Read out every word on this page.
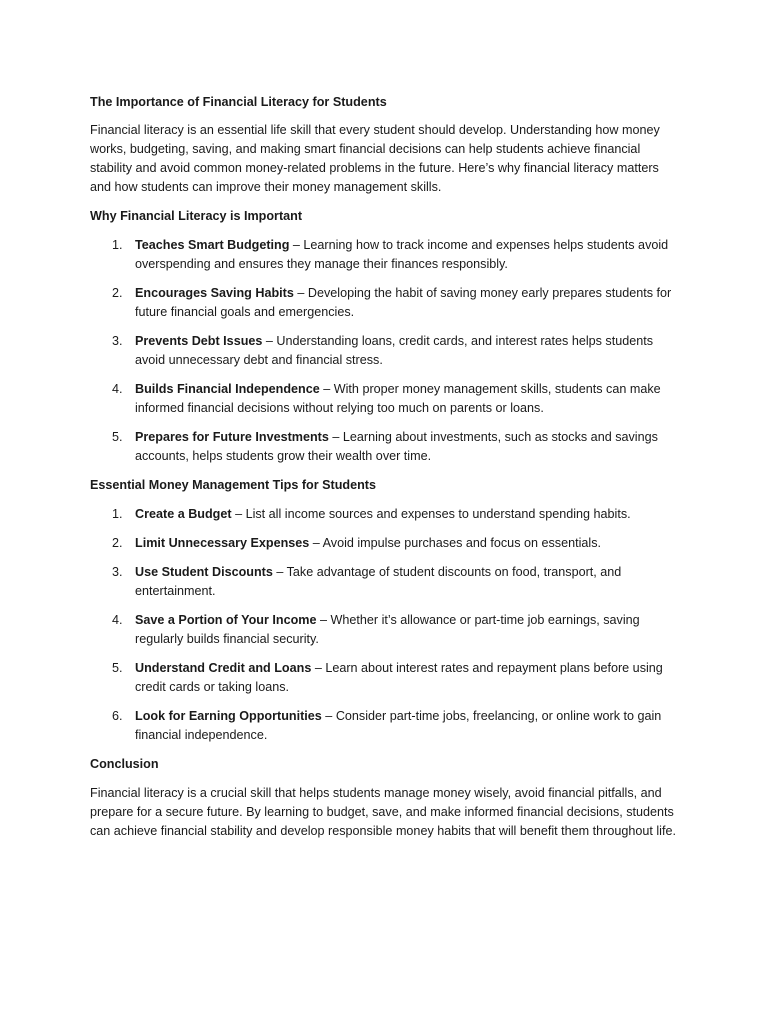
The Importance of Financial Literacy for Students

Financial literacy is an essential life skill that every student should develop. Understanding how money works, budgeting, saving, and making smart financial decisions can help students achieve financial stability and avoid common money-related problems in the future. Here’s why financial literacy matters and how students can improve their money management skills.

Why Financial Literacy is Important

1. Teaches Smart Budgeting – Learning how to track income and expenses helps students avoid overspending and ensures they manage their finances responsibly.
2. Encourages Saving Habits – Developing the habit of saving money early prepares students for future financial goals and emergencies.
3. Prevents Debt Issues – Understanding loans, credit cards, and interest rates helps students avoid unnecessary debt and financial stress.
4. Builds Financial Independence – With proper money management skills, students can make informed financial decisions without relying too much on parents or loans.
5. Prepares for Future Investments – Learning about investments, such as stocks and savings accounts, helps students grow their wealth over time.

Essential Money Management Tips for Students

1. Create a Budget – List all income sources and expenses to understand spending habits.
2. Limit Unnecessary Expenses – Avoid impulse purchases and focus on essentials.
3. Use Student Discounts – Take advantage of student discounts on food, transport, and entertainment.
4. Save a Portion of Your Income – Whether it’s allowance or part-time job earnings, saving regularly builds financial security.
5. Understand Credit and Loans – Learn about interest rates and repayment plans before using credit cards or taking loans.
6. Look for Earning Opportunities – Consider part-time jobs, freelancing, or online work to gain financial independence.

Conclusion

Financial literacy is a crucial skill that helps students manage money wisely, avoid financial pitfalls, and prepare for a secure future. By learning to budget, save, and make informed financial decisions, students can achieve financial stability and develop responsible money habits that will benefit them throughout life.
